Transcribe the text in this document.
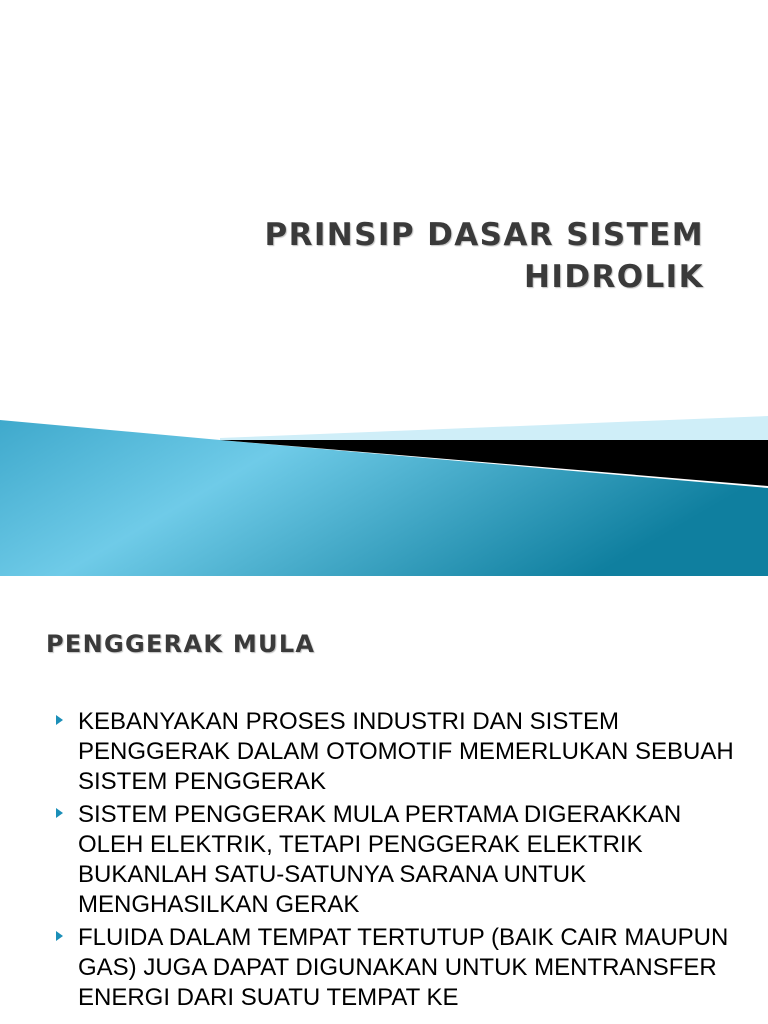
PRINSIP DASAR SISTEM
HIDROLIK
PENGGERAK MULA
KEBANYAKAN PROSES INDUSTRI DAN SISTEM PENGGERAK DALAM OTOMOTIF MEMERLUKAN SEBUAH SISTEM PENGGERAK
SISTEM PENGGERAK MULA PERTAMA DIGERAKKAN OLEH ELEKTRIK, TETAPI PENGGERAK ELEKTRIK BUKANLAH SATU-SATUNYA SARANA UNTUK MENGHASILKAN GERAK
FLUIDA DALAM TEMPAT TERTUTUP (BAIK CAIR MAUPUN GAS) JUGA DAPAT DIGUNAKAN UNTUK MENTRANSFER ENERGI DARI SUATU TEMPAT KE
